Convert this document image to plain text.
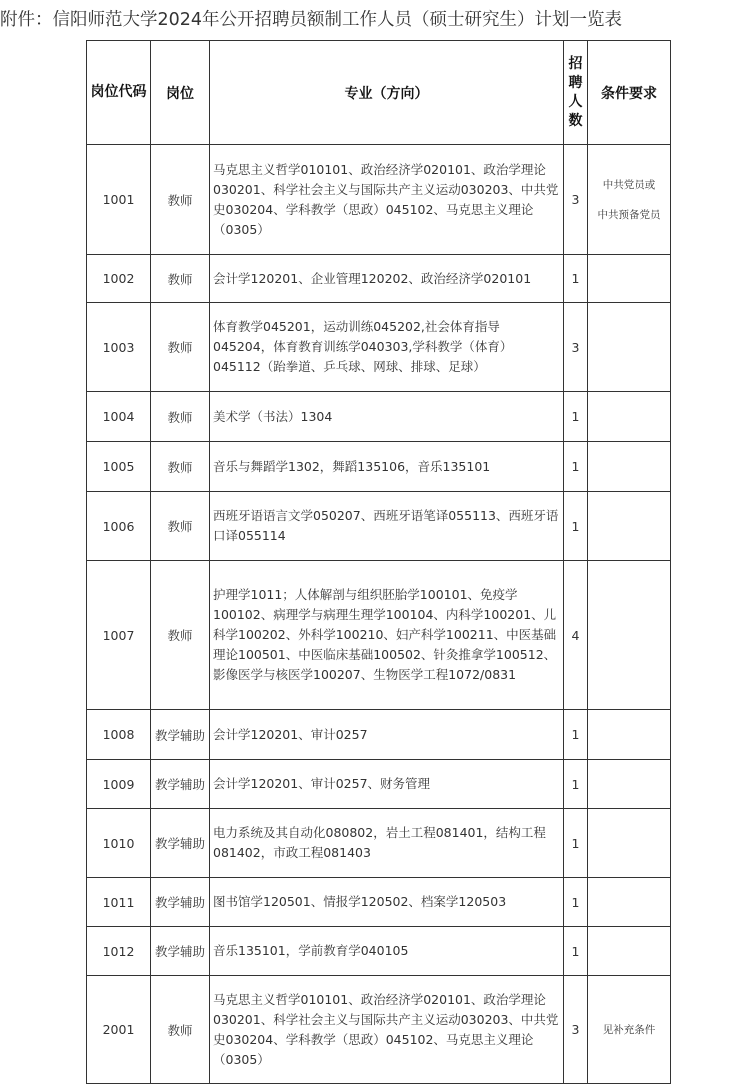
附件：信阳师范大学2024年公开招聘员额制工作人员（硕士研究生）计划一览表
岗位代码	岗位	专业（方向）	招聘人数	条件要求
1001	教师	马克思主义哲学010101、政治经济学020101、政治学理论030201、科学社会主义与国际共产主义运动030203、中共党史030204、学科教学（思政）045102、马克思主义理论（0305）	3	中共党员或
中共预备党员

1002	教师	会计学120201、企业管理120202、政治经济学020101	1	
1003	教师	体育教学045201，运动训练045202,社会体育指导045204，体育教育训练学040303,学科教学（体育）045112（跆拳道、乒乓球、网球、排球、足球）	3	
1004	教师	美术学（书法）1304	1	
1005	教师	音乐与舞蹈学1302，舞蹈135106，音乐135101	1	
1006	教师	西班牙语语言文学050207、西班牙语笔译055113、西班牙语口译055114	1	
1007	教师	护理学1011；人体解剖与组织胚胎学100101、免疫学100102、病理学与病理生理学100104、内科学100201、儿科学100202、外科学100210、妇产科学100211、中医基础理论100501、中医临床基础100502、针灸推拿学100512、影像医学与核医学100207、生物医学工程1072/0831	4	
1008	教学辅助	会计学120201、审计0257	1	
1009	教学辅助	会计学120201、审计0257、财务管理	1	
1010	教学辅助	电力系统及其自动化080802，岩土工程081401，结构工程081402，市政工程081403	1	
1011	教学辅助	图书馆学120501、情报学120502、档案学120503	1	
1012	教学辅助	音乐135101，学前教育学040105	1	
2001	教师	马克思主义哲学010101、政治经济学020101、政治学理论030201、科学社会主义与国际共产主义运动030203、中共党史030204、学科教学（思政）045102、马克思主义理论（0305）	3	见补充条件
